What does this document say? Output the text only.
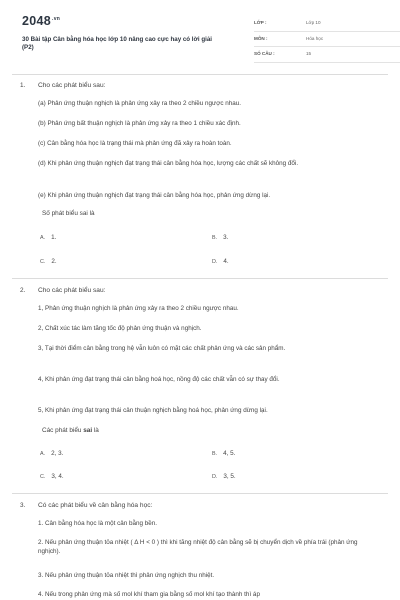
$2048^{.vn}$
30 Bài tập Cân bằng hóa học lớp 10 nâng cao cực hay có lời giải (P2)
LỚP :	Lớp 10
MÔN :	Hóa học
SỐ CÂU :	15
1. Cho các phát biểu sau:
(a) Phản ứng thuận nghịch là phản ứng xảy ra theo 2 chiều ngược nhau.
(b) Phản ứng bất thuận nghịch là phản ứng xảy ra theo 1 chiều xác định.
(c) Cân bằng hóa học là trạng thái mà phản ứng đã xảy ra hoàn toàn.
(d) Khi phản ứng thuận nghịch đạt trạng thái cân bằng hóa học, lượng các chất sẽ không đổi.
(e) Khi phản ứng thuận nghịch đạt trạng thái cân bằng hóa học, phản ứng dừng lại.
Số phát biểu sai là
A. 1.	B. 3.
C. 2.	D. 4.
2. Cho các phát biểu sau:
1, Phản ứng thuận nghịch là phản ứng xảy ra theo 2 chiều ngược nhau.
2, Chất xúc tác làm tăng tốc độ phản ứng thuận và nghịch.
3, Tại thời điểm cân bằng trong hệ vẫn luôn có mặt các chất phản ứng và các sản phẩm.
4, Khi phản ứng đạt trạng thái cân bằng hoá học, nồng độ các chất vẫn có sự thay đổi.
5, Khi phản ứng đạt trạng thái cân thuận nghịch bằng hoá học, phản ứng dừng lại.
Các phát biểu sai là
A. 2, 3.	B. 4, 5.
C. 3, 4.	D. 3, 5.
3. Có các phát biểu về cân bằng hóa học:
1. Cân bằng hóa học là một cân bằng bền.
2. Nếu phản ứng thuận tỏa nhiệt ( Δ H < 0 ) thì khi tăng nhiệt độ cân bằng sẽ bị chuyển dịch về phía trái (phản ứng nghịch).
3. Nếu phản ứng thuận tỏa nhiệt thì phản ứng nghịch thu nhiệt.
4. Nếu trong phản ứng mà số mol khí tham gia bằng số mol khí tạo thành thì áp
